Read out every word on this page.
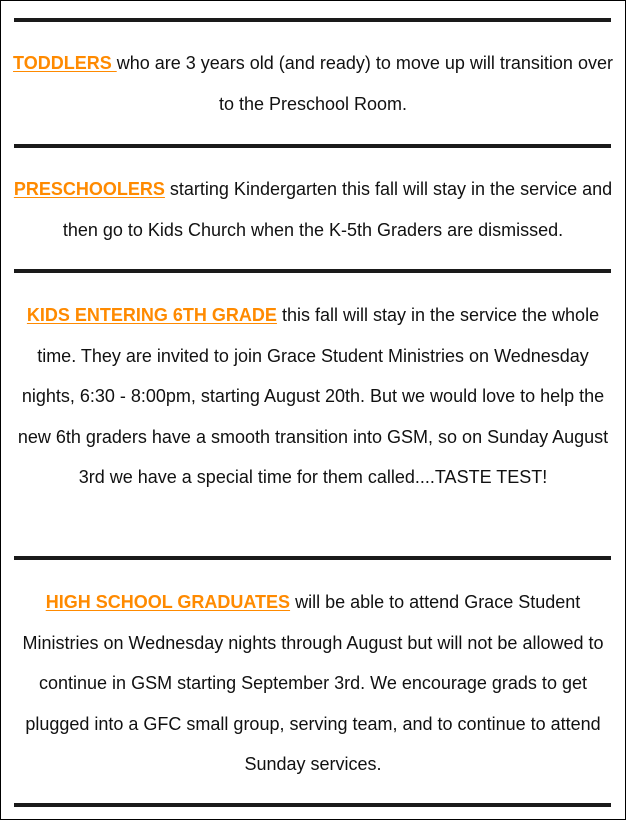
TODDLERS who are 3 years old (and ready) to move up will transition over to the Preschool Room.

PRESCHOOLERS starting Kindergarten this fall will stay in the service and then go to Kids Church when the K-5th Graders are dismissed.

KIDS ENTERING 6TH GRADE this fall will stay in the service the whole time. They are invited to join Grace Student Ministries on Wednesday nights, 6:30 - 8:00pm, starting August 20th. But we would love to help the new 6th graders have a smooth transition into GSM, so on Sunday August 3rd we have a special time for them called....TASTE TEST!

HIGH SCHOOL GRADUATES will be able to attend Grace Student Ministries on Wednesday nights through August but will not be allowed to continue in GSM starting September 3rd. We encourage grads to get plugged into a GFC small group, serving team, and to continue to attend Sunday services.
